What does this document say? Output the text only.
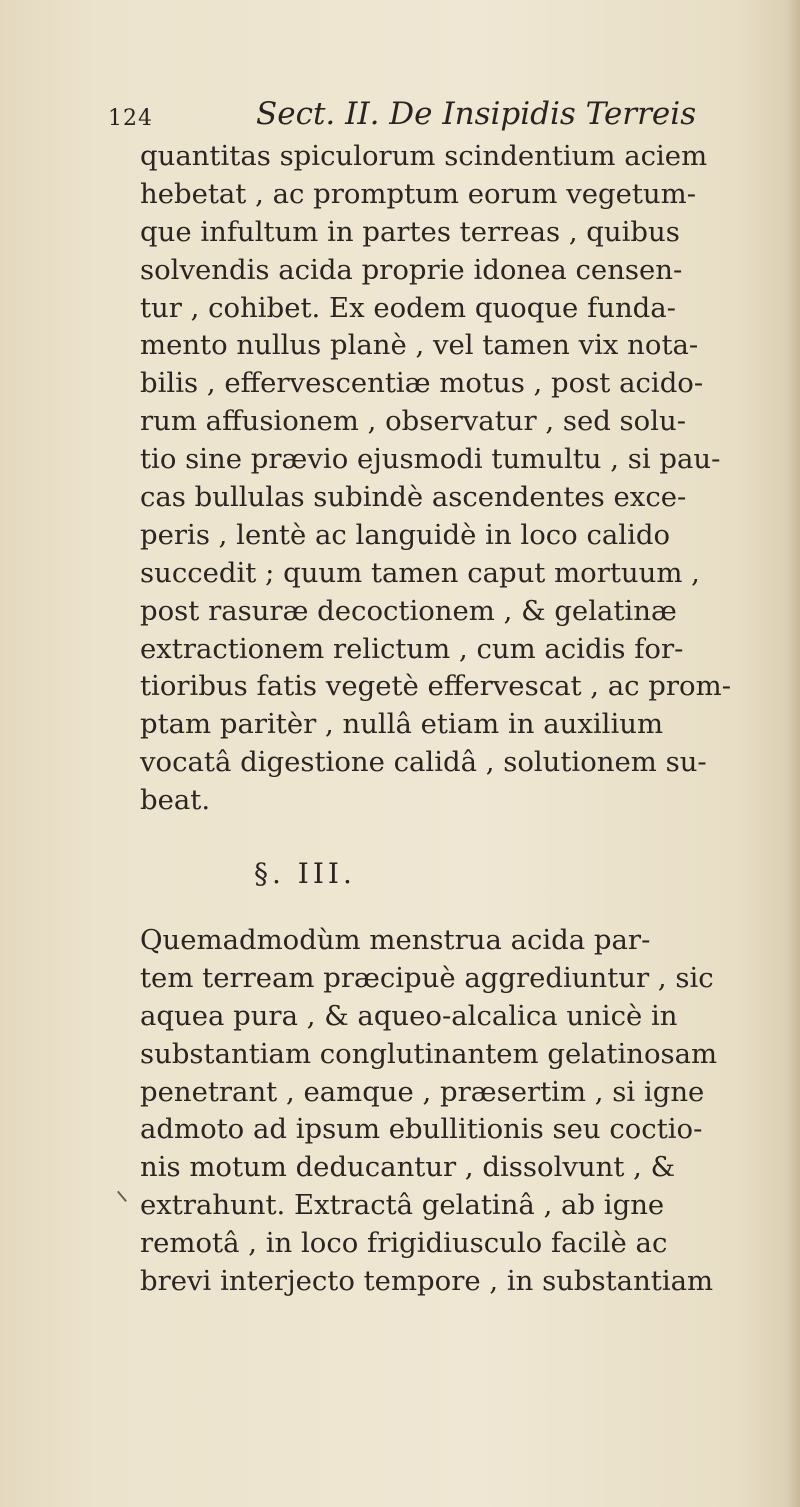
124	Sect. II. De Insipidis Terreis
quantitas spiculorum scindentium aciem
hebetat , ac promptum eorum vegetum-
que infultum in partes terreas , quibus
solvendis acida proprie idonea censen-
tur , cohibet. Ex eodem quoque funda-
mento nullus planè , vel tamen vix nota-
bilis , effervescentiæ motus , post acido-
rum affusionem , observatur , sed solu-
tio sine prævio ejusmodi tumultu , si pau-
cas bullulas subindè ascendentes exce-
peris , lentè ac languidè in loco calido
succedit ; quum tamen caput mortuum ,
post rasuræ decoctionem , & gelatinæ
extractionem relictum , cum acidis for-
tioribus fatis vegetè effervescat , ac prom-
ptam paritèr , nullâ etiam in auxilium
vocatâ digestione calidâ , solutionem su-
beat.
§. III.
Quemadmodùm menstrua acida par-
tem terream præcipuè aggrediuntur , sic
aquea pura , & aqueo-alcalica unicè in
substantiam conglutinantem gelatinosam
penetrant , eamque , præsertim , si igne
admoto ad ipsum ebullitionis seu coctio-
nis motum deducantur , dissolvunt , &
extrahunt. Extractâ gelatinâ , ab igne
remotâ , in loco frigidiusculo facilè ac
brevi interjecto tempore , in substantiam
